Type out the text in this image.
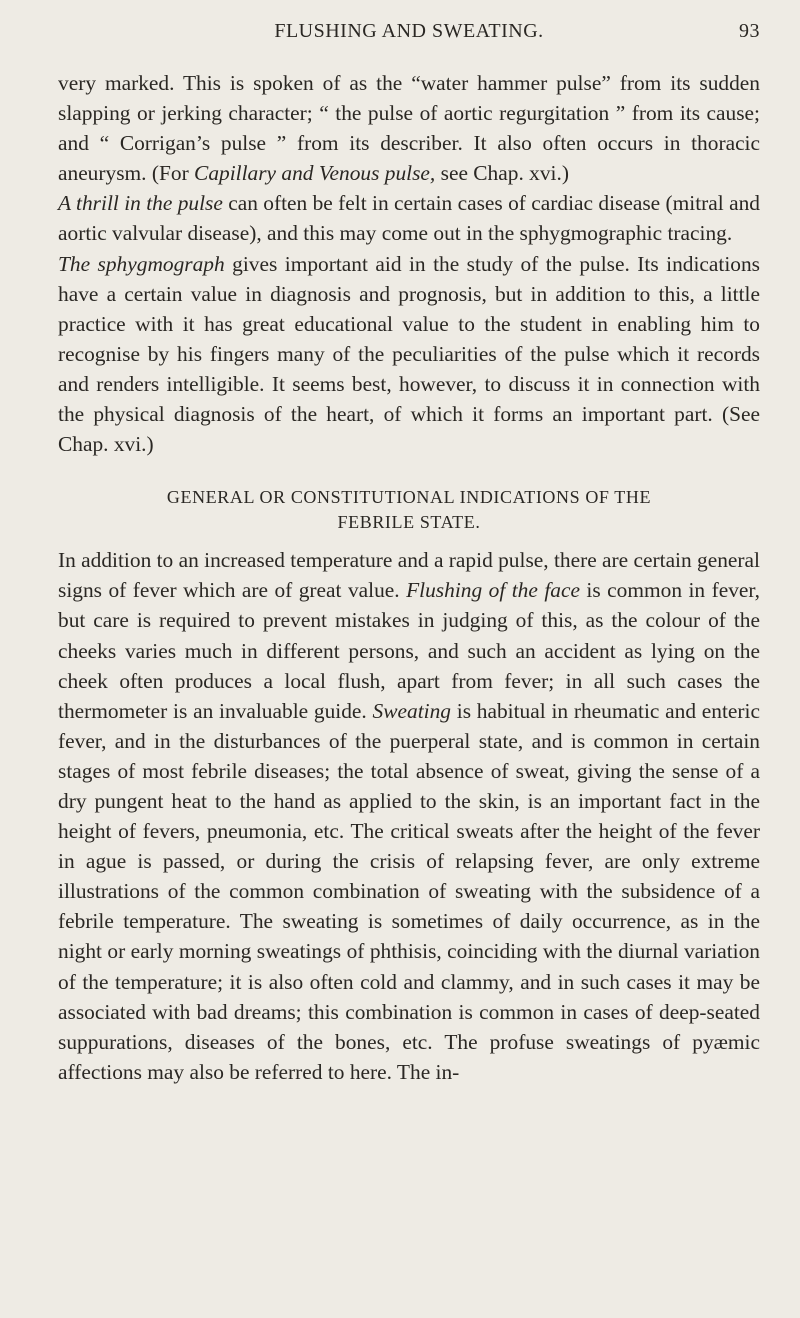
FLUSHING AND SWEATING.	93

very marked. This is spoken of as the “water hammer pulse” from its sudden slapping or jerking character; “ the pulse of aortic regurgitation ” from its cause; and “ Corrigan’s pulse ” from its describer. It also often occurs in thoracic aneurysm. (For Capillary and Venous pulse, see Chap. xvi.)

A thrill in the pulse can often be felt in certain cases of cardiac disease (mitral and aortic valvular disease), and this may come out in the sphygmographic tracing.

The sphygmograph gives important aid in the study of the pulse. Its indications have a certain value in diagnosis and prognosis, but in addition to this, a little practice with it has great educational value to the student in enabling him to recognise by his fingers many of the peculiarities of the pulse which it records and renders intelligible. It seems best, however, to discuss it in connection with the physical diagnosis of the heart, of which it forms an important part. (See Chap. xvi.)

GENERAL OR CONSTITUTIONAL INDICATIONS OF THE
FEBRILE STATE.

In addition to an increased temperature and a rapid pulse, there are certain general signs of fever which are of great value. Flushing of the face is common in fever, but care is required to prevent mistakes in judging of this, as the colour of the cheeks varies much in different persons, and such an accident as lying on the cheek often produces a local flush, apart from fever; in all such cases the thermometer is an invaluable guide. Sweating is habitual in rheumatic and enteric fever, and in the disturbances of the puerperal state, and is common in certain stages of most febrile diseases; the total absence of sweat, giving the sense of a dry pungent heat to the hand as applied to the skin, is an important fact in the height of fevers, pneumonia, etc. The critical sweats after the height of the fever in ague is passed, or during the crisis of relapsing fever, are only extreme illustrations of the common combination of sweating with the subsidence of a febrile temperature. The sweating is sometimes of daily occurrence, as in the night or early morning sweatings of phthisis, coinciding with the diurnal variation of the temperature; it is also often cold and clammy, and in such cases it may be associated with bad dreams; this combination is common in cases of deep-seated suppurations, diseases of the bones, etc. The profuse sweatings of pyæmic affections may also be referred to here. The in-
